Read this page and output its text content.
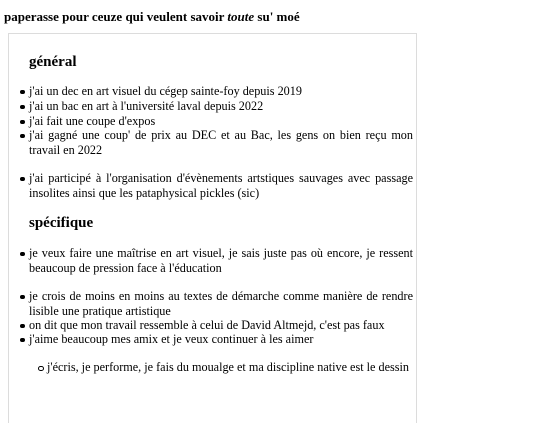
paperasse pour ceuze qui veulent savoir toute su' moé
général
j'ai un dec en art visuel du cégep sainte-foy depuis 2019
j'ai un bac en art à l'université laval depuis 2022
j'ai fait une coupe d'expos
j'ai gagné une coup' de prix au DEC et au Bac, les gens on bien reçu mon travail en 2022
j'ai participé à l'organisation d'évènements artstiques sauvages avec passage insolites ainsi que les pataphysical pickles (sic)
spécifique
je veux faire une maîtrise en art visuel, je sais juste pas où encore, je ressent beaucoup de pression face à l'éducation
je crois de moins en moins au textes de démarche comme manière de rendre lisible une pratique artistique
on dit que mon travail ressemble à celui de David Altmejd, c'est pas faux
j'aime beaucoup mes amix et je veux continuer à les aimer
j'écris, je performe, je fais du moualge et ma discipline native est le dessin
